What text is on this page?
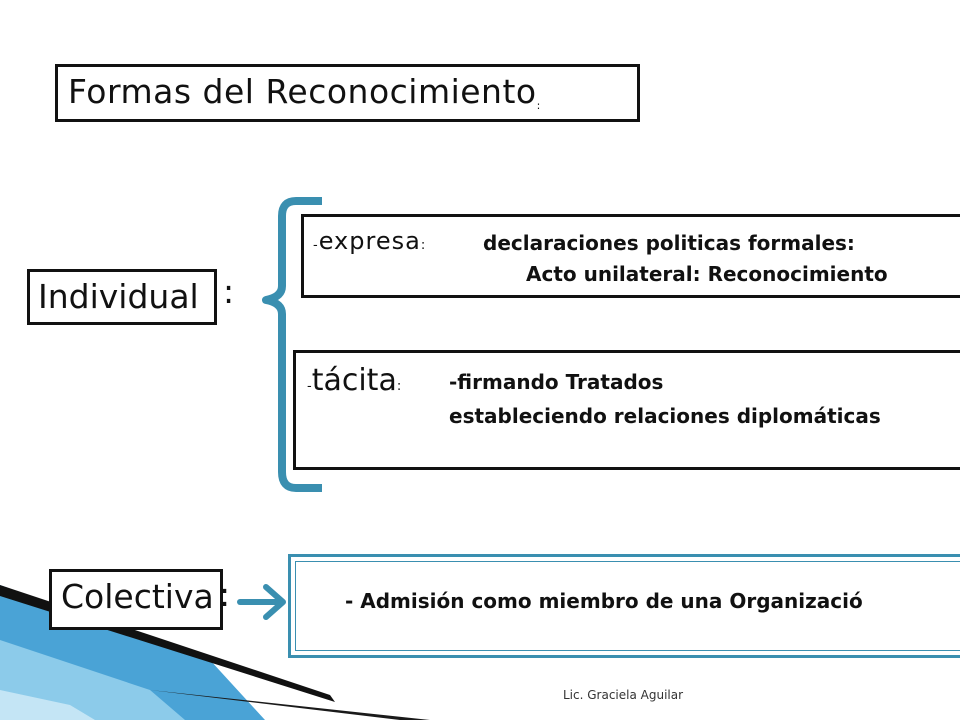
Formas del Reconocimiento:
Individual :
-expresa:	declaraciones politicas formales:
Acto unilateral: Reconocimiento
-tácita: -firmando Tratados
estableciendo relaciones diplomáticas
Colectiva :	- Admisión como miembro de una Organizació
Lic. Graciela Aguilar
